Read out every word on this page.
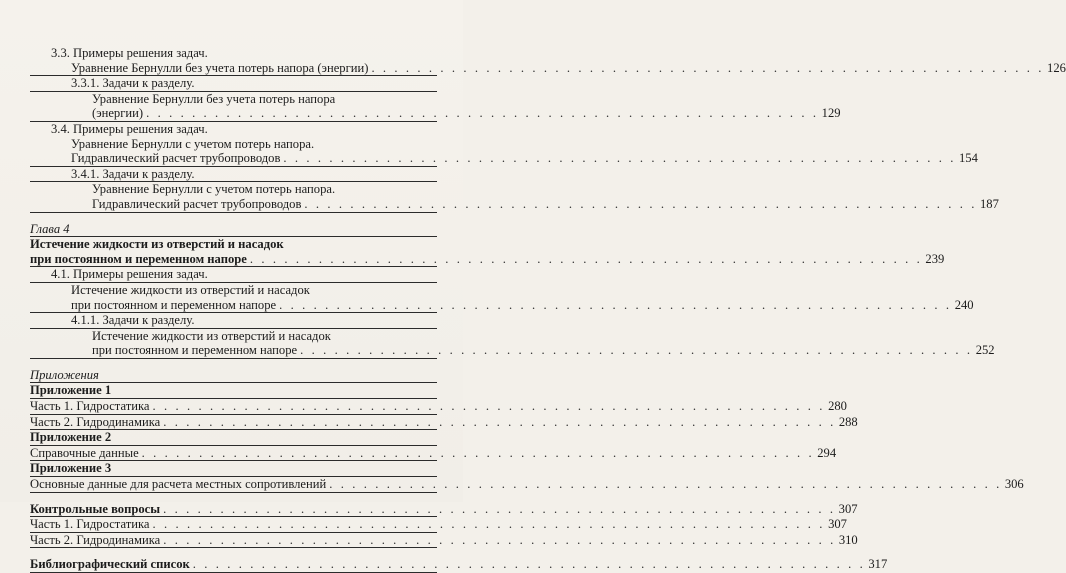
3.3. Примеры решения задач.
Уравнение Бернулли без учета потерь напора (энергии) . . . . . . . . . . . . . . . . . . . . . . . . . . . . . . . . . . . . . . . . . . . . . . . . . . . . . . . . . . . 126
3.3.1. Задачи к разделу.
Уравнение Бернулли без учета потерь напора
(энергии) . . . . . . . . . . . . . . . . . . . . . . . . . . . . . . . . . . . . . . . . . . . . . . . . . . . . . . . . . . . 129
3.4. Примеры решения задач.
Уравнение Бернулли с учетом потерь напора.
Гидравлический расчет трубопроводов . . . . . . . . . . . . . . . . . . . . . . . . . . . . . . . . . . . . . . . . . . . . . . . . . . . . . . . . . . . 154
3.4.1. Задачи к разделу.
Уравнение Бернулли с учетом потерь напора.
Гидравлический расчет трубопроводов . . . . . . . . . . . . . . . . . . . . . . . . . . . . . . . . . . . . . . . . . . . . . . . . . . . . . . . . . . . 187
Глава 4
Истечение жидкости из отверстий и насадок
при постоянном и переменном напоре . . . . . . . . . . . . . . . . . . . . . . . . . . . . . . . . . . . . . . . . . . . . . . . . . . . . . . . . . . . 239
4.1. Примеры решения задач.
Истечение жидкости из отверстий и насадок
при постоянном и переменном напоре . . . . . . . . . . . . . . . . . . . . . . . . . . . . . . . . . . . . . . . . . . . . . . . . . . . . . . . . . . . 240
4.1.1. Задачи к разделу.
Истечение жидкости из отверстий и насадок
при постоянном и переменном напоре . . . . . . . . . . . . . . . . . . . . . . . . . . . . . . . . . . . . . . . . . . . . . . . . . . . . . . . . . . . 252
Приложения
Приложение 1
Часть 1. Гидростатика . . . . . . . . . . . . . . . . . . . . . . . . . . . . . . . . . . . . . . . . . . . . . . . . . . . . . . . . . . . 280
Часть 2. Гидродинамика . . . . . . . . . . . . . . . . . . . . . . . . . . . . . . . . . . . . . . . . . . . . . . . . . . . . . . . . . . . 288
Приложение 2
Справочные данные . . . . . . . . . . . . . . . . . . . . . . . . . . . . . . . . . . . . . . . . . . . . . . . . . . . . . . . . . . . 294
Приложение 3
Основные данные для расчета местных сопротивлений . . . . . . . . . . . . . . . . . . . . . . . . . . . . . . . . . . . . . . . . . . . . . . . . . . . . . . . . . . . 306
Контрольные вопросы . . . . . . . . . . . . . . . . . . . . . . . . . . . . . . . . . . . . . . . . . . . . . . . . . . . . . . . . . . . 307
Часть 1. Гидростатика . . . . . . . . . . . . . . . . . . . . . . . . . . . . . . . . . . . . . . . . . . . . . . . . . . . . . . . . . . . 307
Часть 2. Гидродинамика . . . . . . . . . . . . . . . . . . . . . . . . . . . . . . . . . . . . . . . . . . . . . . . . . . . . . . . . . . . 310
Библиографический список . . . . . . . . . . . . . . . . . . . . . . . . . . . . . . . . . . . . . . . . . . . . . . . . . . . . . . . . . . . 317
